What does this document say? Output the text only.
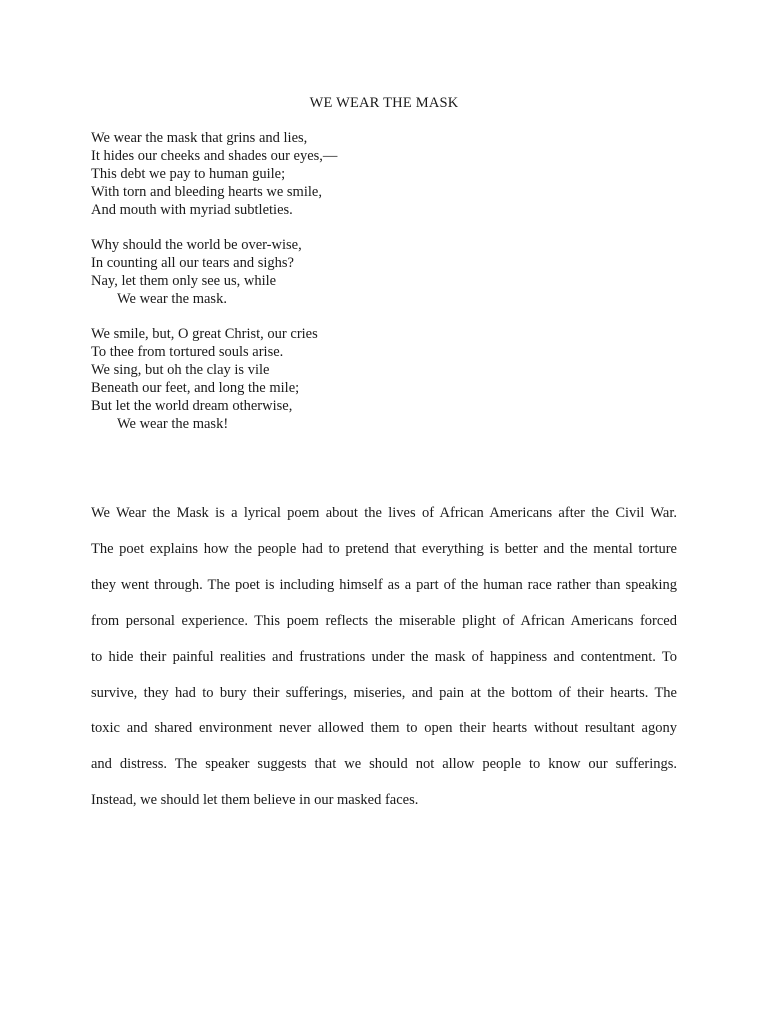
WE WEAR THE MASK
We wear the mask that grins and lies,
It hides our cheeks and shades our eyes,—
This debt we pay to human guile;
With torn and bleeding hearts we smile,
And mouth with myriad subtleties.
Why should the world be over-wise,
In counting all our tears and sighs?
Nay, let them only see us, while
We wear the mask.
We smile, but, O great Christ, our cries
To thee from tortured souls arise.
We sing, but oh the clay is vile
Beneath our feet, and long the mile;
But let the world dream otherwise,
We wear the mask!
We Wear the Mask is a lyrical poem about the lives of African Americans after the Civil War.
The poet explains how the people had to pretend that everything is better and the mental torture
they went through. The poet is including himself as a part of the human race rather than speaking
from personal experience. This poem reflects the miserable plight of African Americans forced
to hide their painful realities and frustrations under the mask of happiness and contentment. To
survive, they had to bury their sufferings, miseries, and pain at the bottom of their hearts. The
toxic and shared environment never allowed them to open their hearts without resultant agony
and distress. The speaker suggests that we should not allow people to know our sufferings.
Instead, we should let them believe in our masked faces.
